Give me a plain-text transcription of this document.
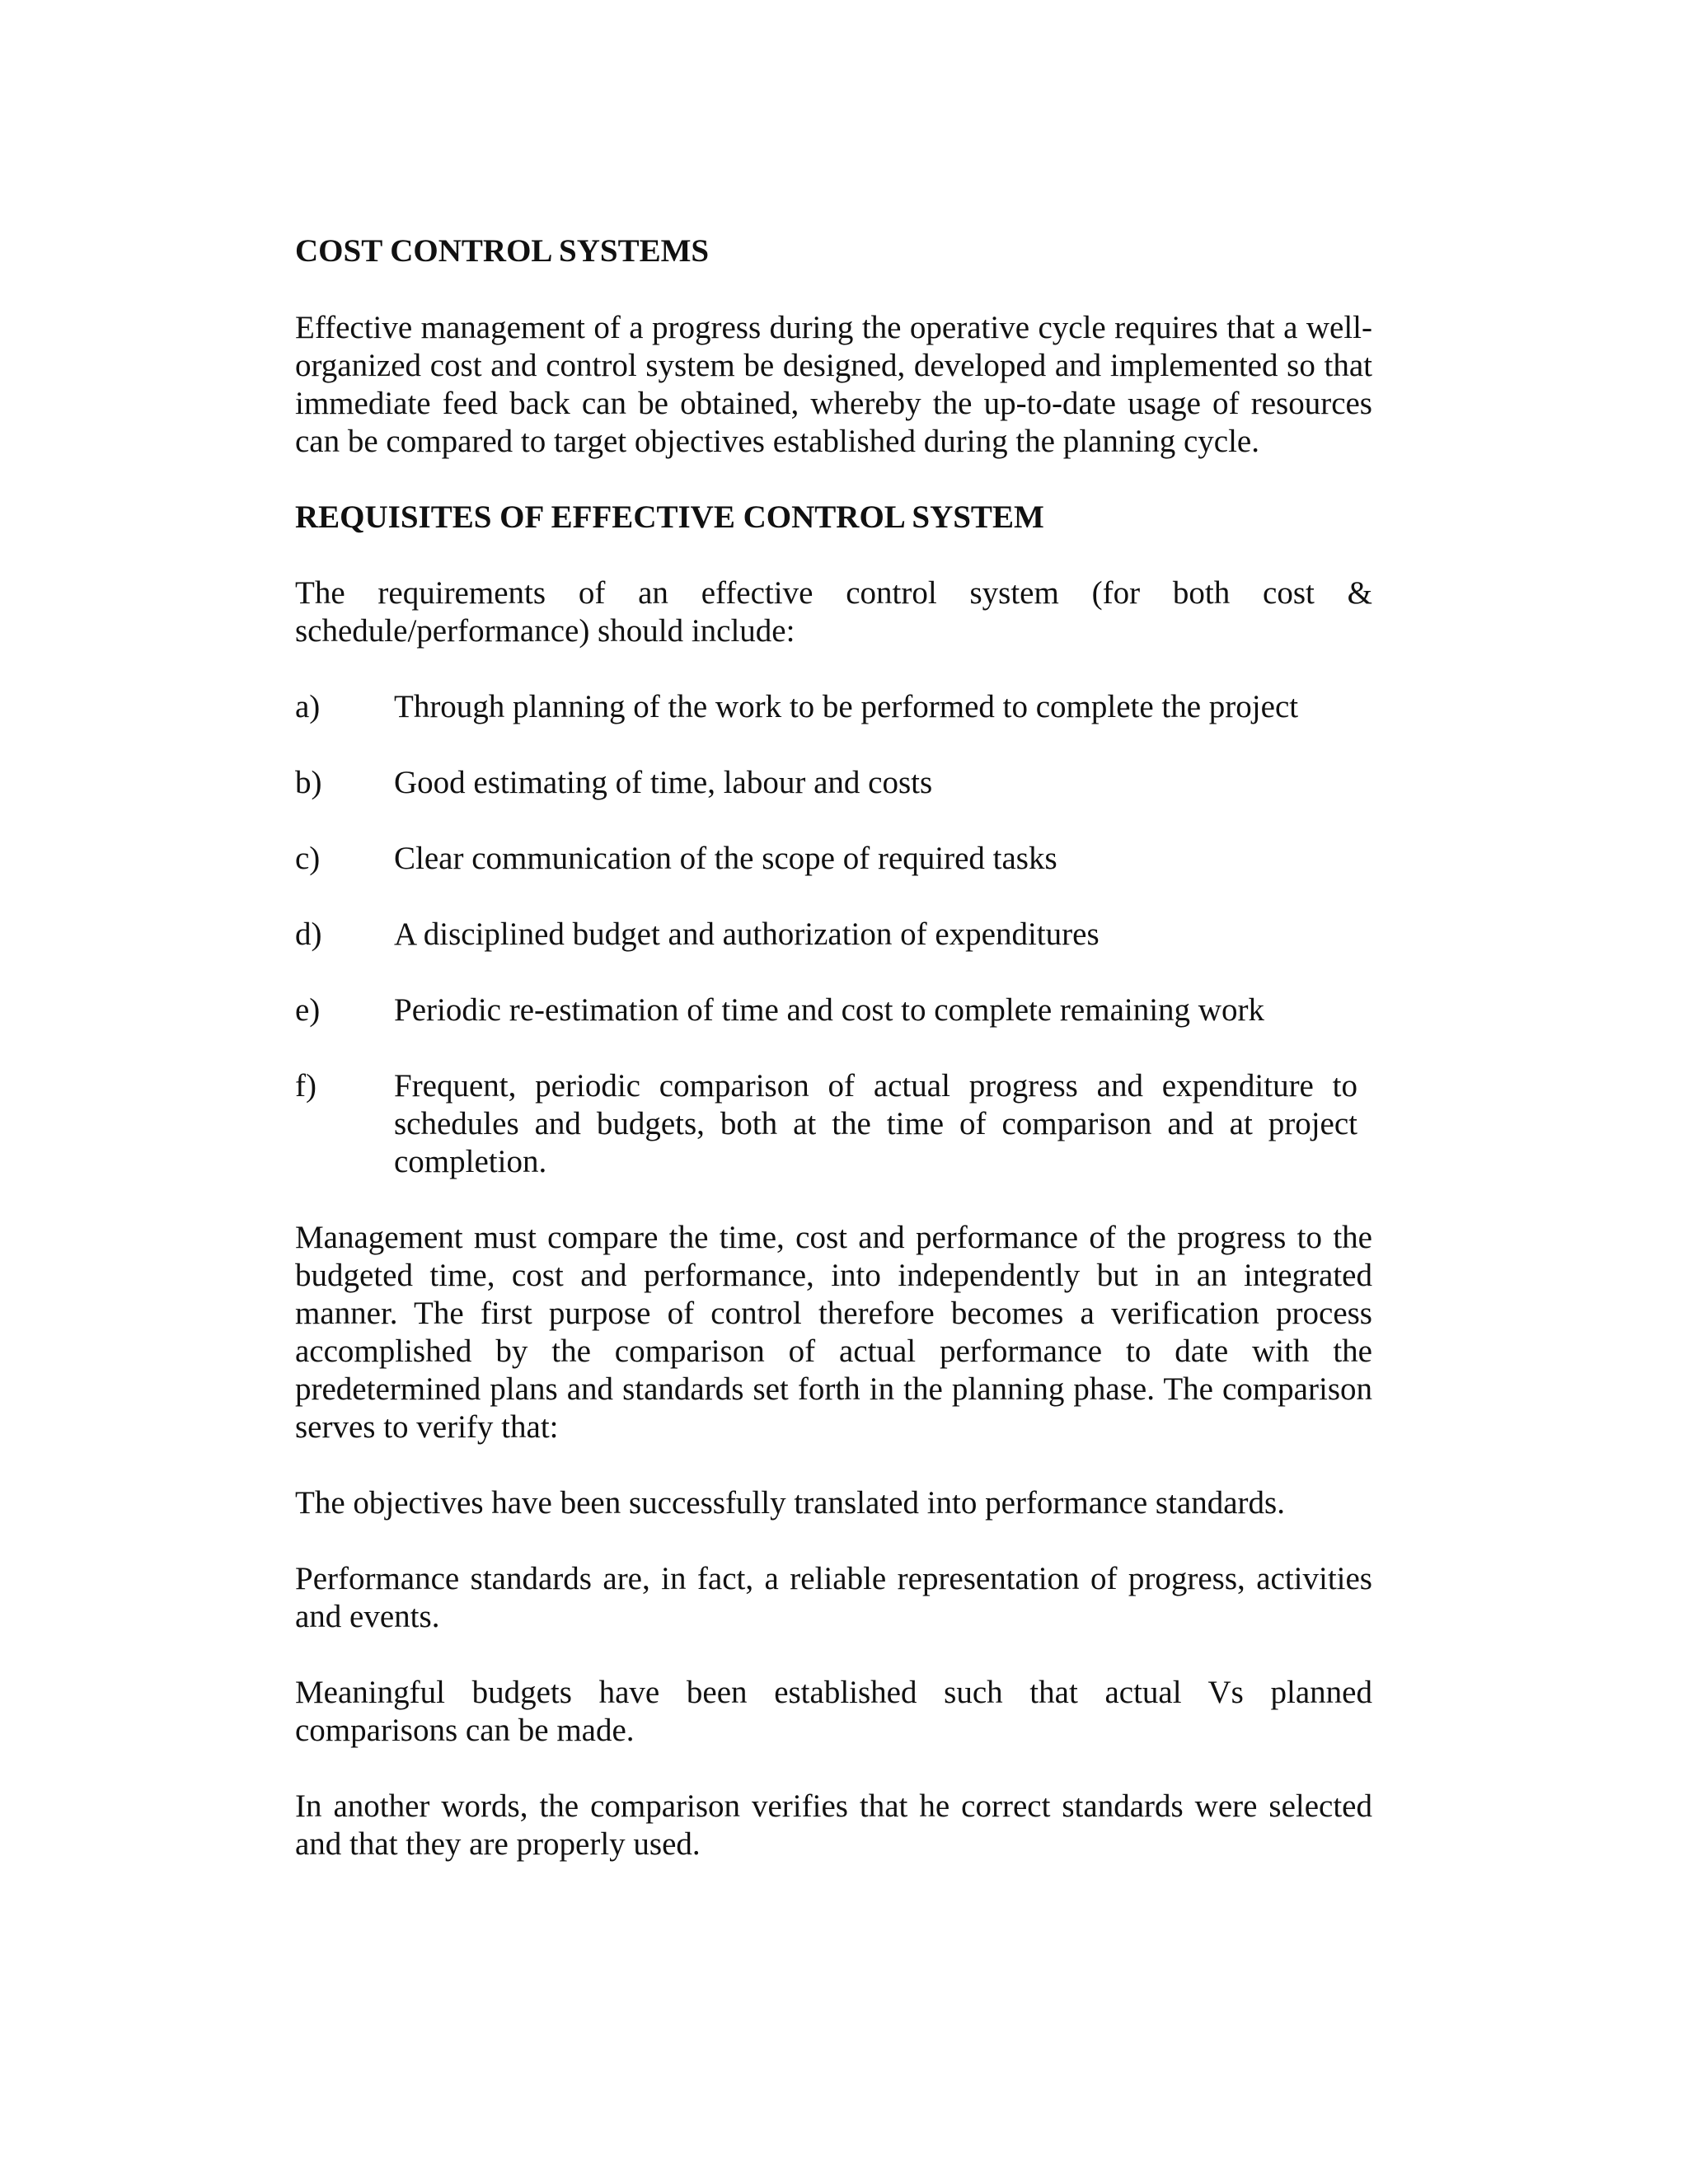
COST CONTROL SYSTEMS

Effective management of a progress during the operative cycle requires that a well-organized cost and control system be designed, developed and implemented so that immediate feed back can be obtained, whereby the up-to-date usage of resources can be compared to target objectives established during the planning cycle.

REQUISITES OF EFFECTIVE CONTROL SYSTEM

The requirements of an effective control system (for both cost & schedule/performance) should include:

a)	Through planning of the work to be performed to complete the project
b)	Good estimating of time, labour and costs
c)	Clear communication of the scope of required tasks
d)	A disciplined budget and authorization of expenditures
e)	Periodic re-estimation of time and cost to complete remaining work
f)	Frequent, periodic comparison of actual progress and expenditure to schedules and budgets, both at the time of comparison and at project completion.

Management must compare the time, cost and performance of the progress to the budgeted time, cost and performance, into independently but in an integrated manner. The first purpose of control therefore becomes a verification process accomplished by the comparison of actual performance to date with the predetermined plans and standards set forth in the planning phase. The comparison serves to verify that:

The objectives have been successfully translated into performance standards.

Performance standards are, in fact, a reliable representation of progress, activities and events.

Meaningful budgets have been established such that actual Vs planned comparisons can be made.

In another words, the comparison verifies that he correct standards were selected and that they are properly used.
